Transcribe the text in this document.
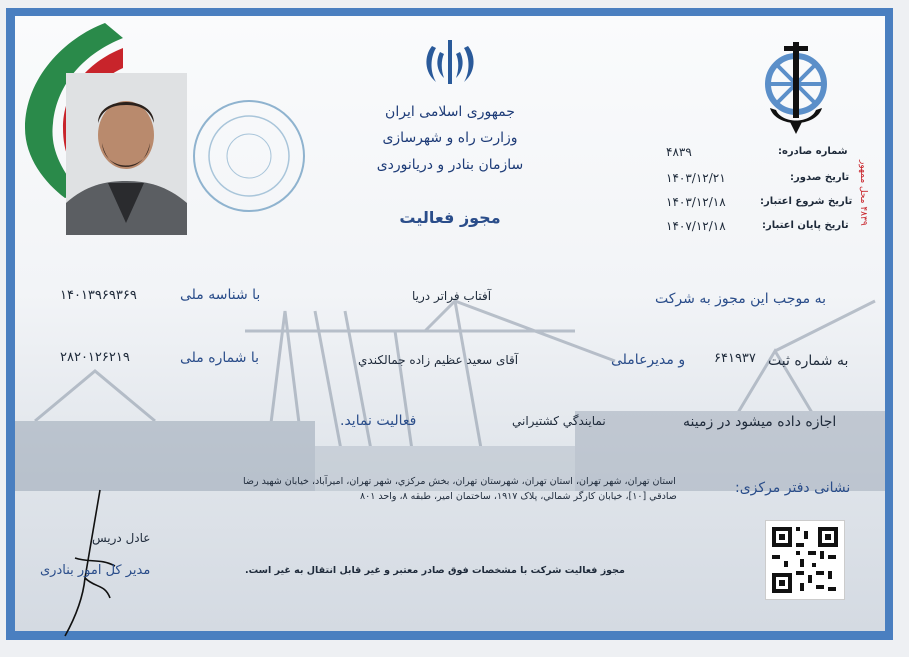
جمهوری اسلامی ایران
وزارت راه و شهرسازی
سازمان بنادر و دریانوردی
مجوز فعالیت
شماره صادره:
۴۸۳۹
تاریخ صدور:
۱۴۰۳/۱۲/۲۱
تاریخ شروع اعتبار:
۱۴۰۳/۱۲/۱۸
تاریخ پایان اعتبار:
۱۴۰۷/۱۲/۱۸
۴۸۳۹ محل ممهور
به موجب این مجوز به شرکت
آفتاب فراتر دریا
با شناسه ملی
۱۴۰۱۳۹۶۹۳۶۹
به شماره ثبت
۶۴۱۹۳۷
و مدیرعاملی
آقای سعید عظیم زاده جمالکندي
با شماره ملی
۲۸۲۰۱۲۶۲۱۹
اجازه داده میشود در زمینه
نمایندگي کشتیراني
فعالیت نماید.
نشانی دفتر مرکزی:
استان تهران، شهر تهران، استان تهران، شهرستان تهران، بخش مرکزي، شهر تهران، امیرآباد، خیابان شهید رضا
صادقي [۱۰]، خیابان کارگر شمالي، پلاک ۱۹۱۷، ساختمان امیر، طبقه ۸، واحد ۸۰۱
مجوز فعالیت شرکت با مشخصات فوق صادر معتبر و غیر قابل انتقال به غیر است.
عادل دریس
مدیر کل امور بنادری
